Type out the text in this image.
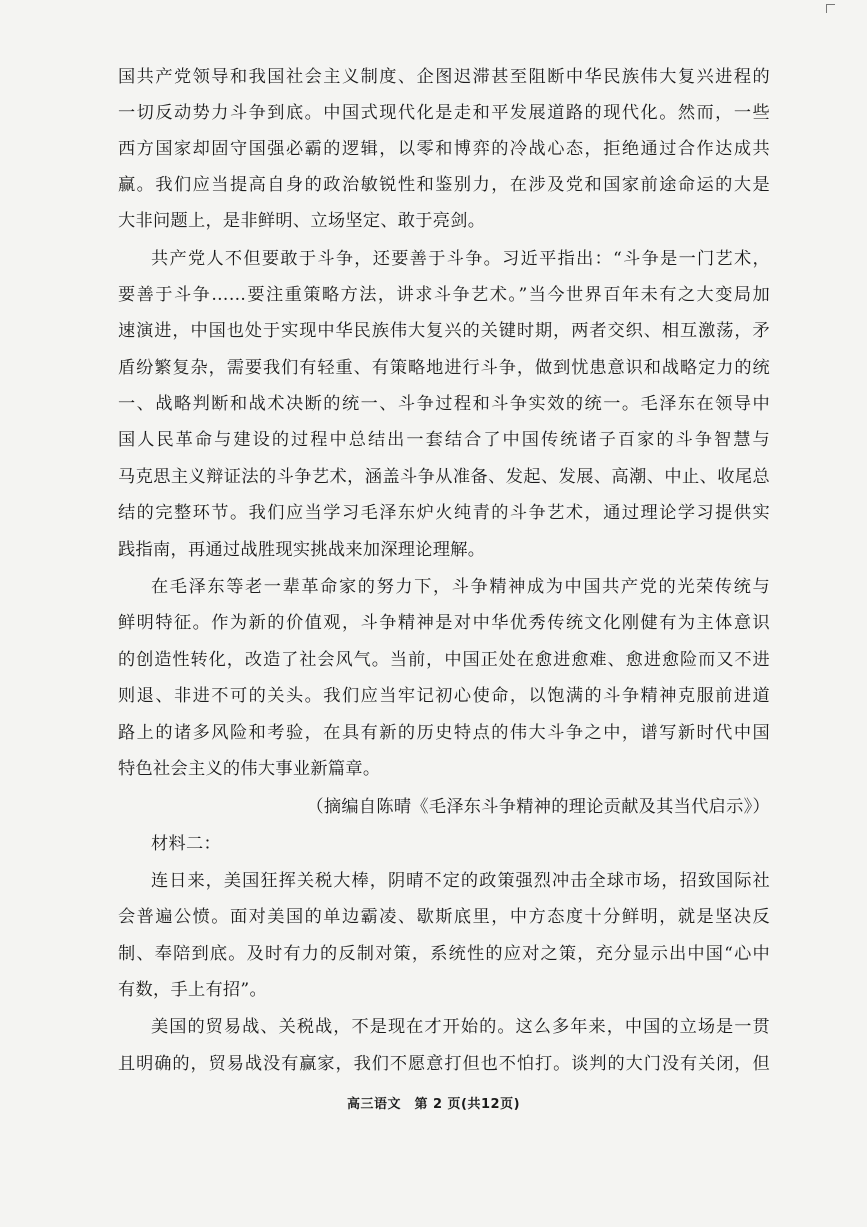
国共产党领导和我国社会主义制度、企图迟滞甚至阻断中华民族伟大复兴进程的
一切反动势力斗争到底。中国式现代化是走和平发展道路的现代化。然而，一些
西方国家却固守国强必霸的逻辑，以零和博弈的冷战心态，拒绝通过合作达成共
赢。我们应当提高自身的政治敏锐性和鉴别力，在涉及党和国家前途命运的大是
大非问题上，是非鲜明、立场坚定、敢于亮剑。
共产党人不但要敢于斗争，还要善于斗争。习近平指出：“斗争是一门艺术，
要善于斗争……要注重策略方法，讲求斗争艺术。”当今世界百年未有之大变局加
速演进，中国也处于实现中华民族伟大复兴的关键时期，两者交织、相互激荡，矛
盾纷繁复杂，需要我们有轻重、有策略地进行斗争，做到忧患意识和战略定力的统
一、战略判断和战术决断的统一、斗争过程和斗争实效的统一。毛泽东在领导中
国人民革命与建设的过程中总结出一套结合了中国传统诸子百家的斗争智慧与
马克思主义辩证法的斗争艺术，涵盖斗争从准备、发起、发展、高潮、中止、收尾总
结的完整环节。我们应当学习毛泽东炉火纯青的斗争艺术，通过理论学习提供实
践指南，再通过战胜现实挑战来加深理论理解。
在毛泽东等老一辈革命家的努力下，斗争精神成为中国共产党的光荣传统与
鲜明特征。作为新的价值观，斗争精神是对中华优秀传统文化刚健有为主体意识
的创造性转化，改造了社会风气。当前，中国正处在愈进愈难、愈进愈险而又不进
则退、非进不可的关头。我们应当牢记初心使命，以饱满的斗争精神克服前进道
路上的诸多风险和考验，在具有新的历史特点的伟大斗争之中，谱写新时代中国
特色社会主义的伟大事业新篇章。
（摘编自陈晴《毛泽东斗争精神的理论贡献及其当代启示》）
材料二：
连日来，美国狂挥关税大棒，阴晴不定的政策强烈冲击全球市场，招致国际社
会普遍公愤。面对美国的单边霸凌、歇斯底里，中方态度十分鲜明，就是坚决反
制、奉陪到底。及时有力的反制对策，系统性的应对之策，充分显示出中国“心中
有数，手上有招”。
美国的贸易战、关税战，不是现在才开始的。这么多年来，中国的立场是一贯
且明确的，贸易战没有赢家，我们不愿意打但也不怕打。谈判的大门没有关闭，但
高三语文　第 2 页(共12页)
